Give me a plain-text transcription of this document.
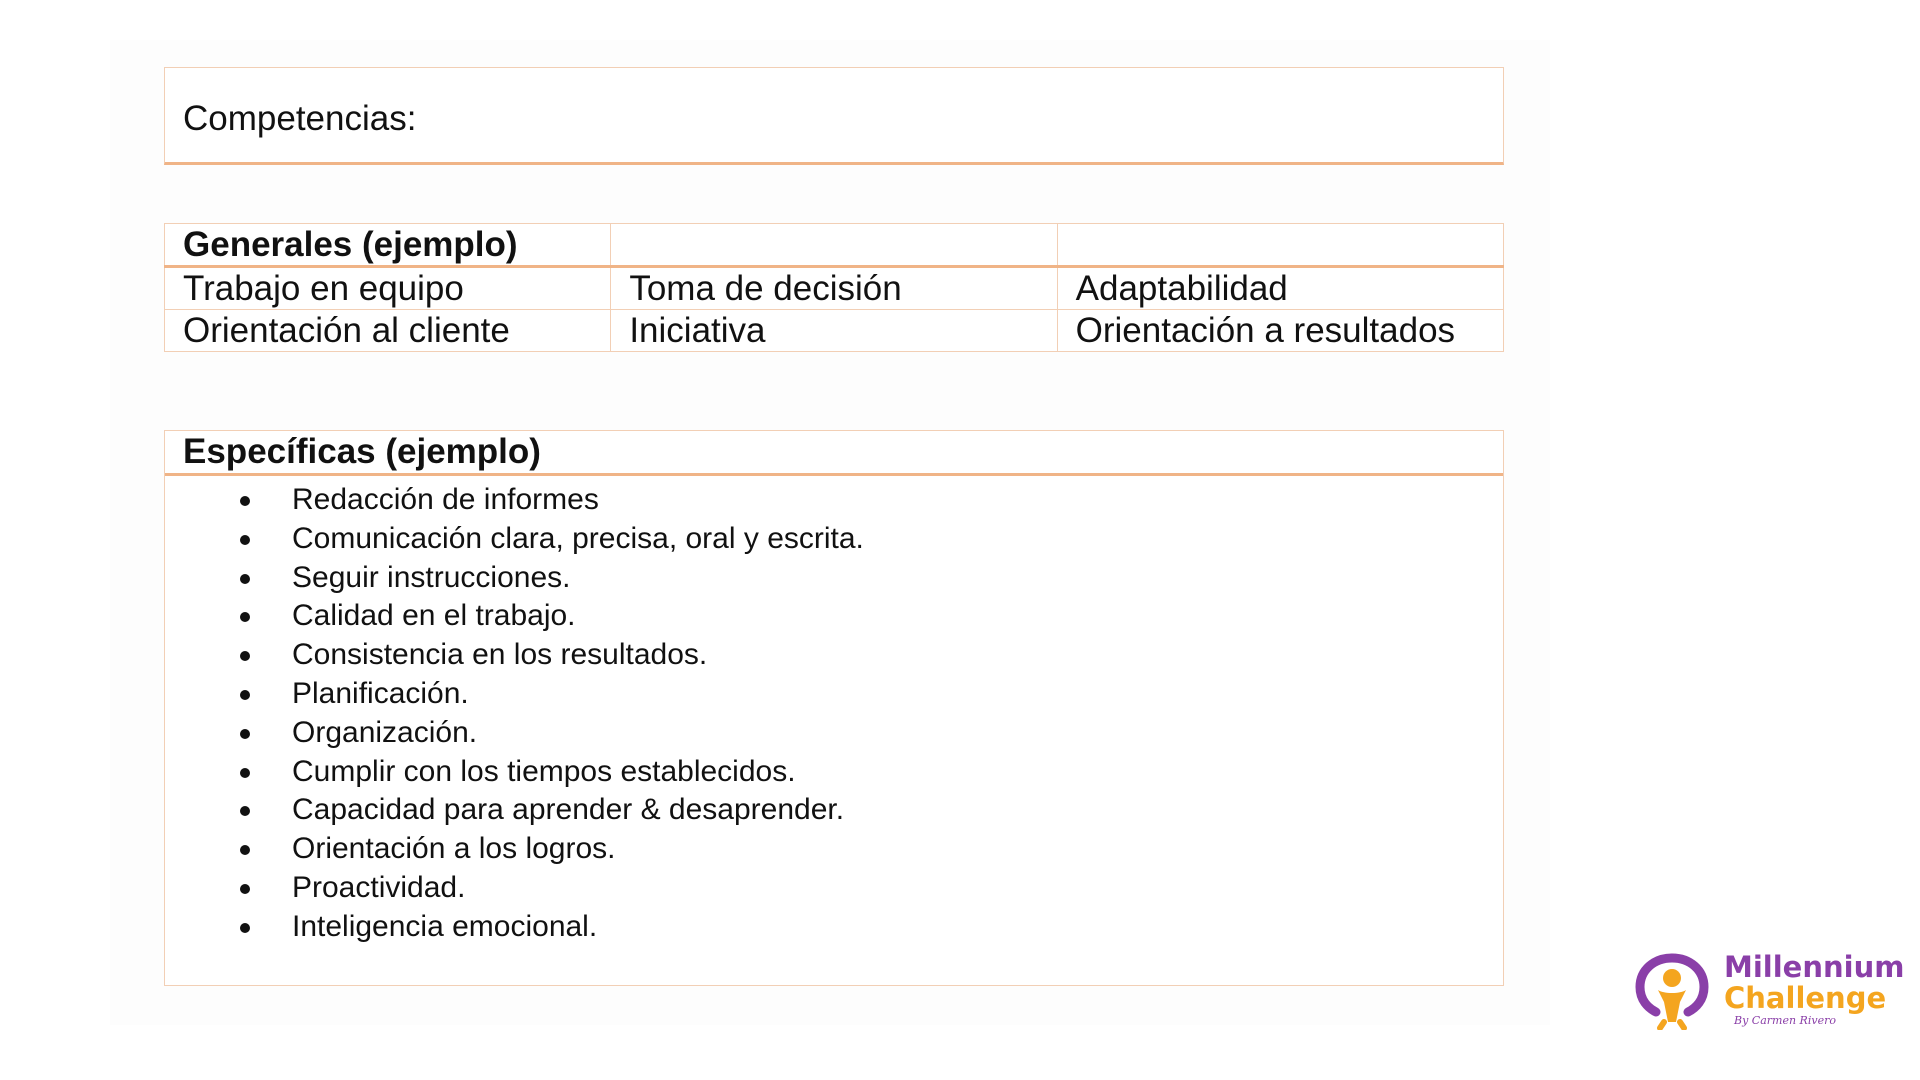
Competencias:
Generales (ejemplo)		
Trabajo en equipo	Toma de decisión	Adaptabilidad
Orientación al cliente	Iniciativa	Orientación a resultados
Específicas (ejemplo)
Redacción de informes
Comunicación clara, precisa, oral y escrita.
Seguir instrucciones.
Calidad en el trabajo.
Consistencia en los resultados.
Planificación.
Organización.
Cumplir con los tiempos establecidos.
Capacidad para aprender & desaprender.
Orientación a los logros.
Proactividad.
Inteligencia emocional.
Millennium
Challenge
By Carmen Rivero
